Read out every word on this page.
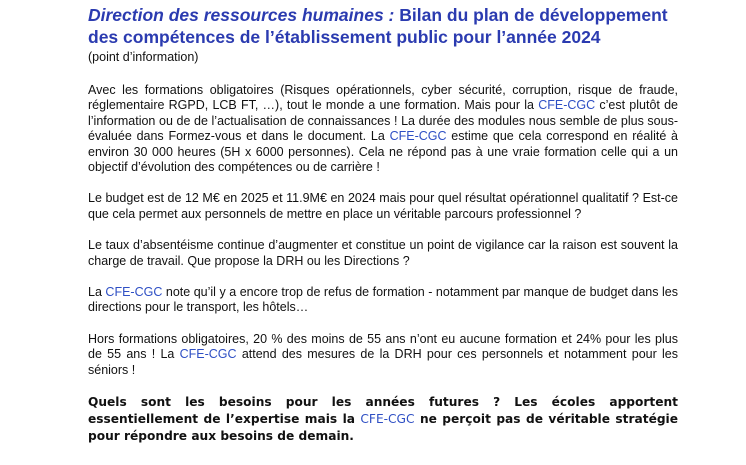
Direction des ressources humaines : Bilan du plan de développement des compétences de l’établissement public pour l’année 2024

(point d’information)

Avec les formations obligatoires (Risques opérationnels, cyber sécurité, corruption, risque de fraude, réglementaire RGPD, LCB FT, …), tout le monde a une formation. Mais pour la CFE-CGC c’est plutôt de l’information ou de de l’actualisation de connaissances ! La durée des modules nous semble de plus sous-évaluée dans Formez-vous et dans le document. La CFE-CGC estime que cela correspond en réalité à environ 30 000 heures (5H x 6000 personnes). Cela ne répond pas à une vraie formation celle qui a un objectif d’évolution des compétences ou de carrière !

Le budget est de 12 M€ en 2025 et 11.9M€ en 2024 mais pour quel résultat opérationnel qualitatif ? Est-ce que cela permet aux personnels de mettre en place un véritable parcours professionnel ?

Le taux d’absentéisme continue d’augmenter et constitue un point de vigilance car la raison est souvent la charge de travail. Que propose la DRH ou les Directions ?

La CFE-CGC note qu’il y a encore trop de refus de formation - notamment par manque de budget dans les directions pour le transport, les hôtels…

Hors formations obligatoires, 20 % des moins de 55 ans n’ont eu aucune formation et 24% pour les plus de 55 ans ! La CFE-CGC attend des mesures de la DRH pour ces personnels et notamment pour les séniors !

Quels sont les besoins pour les années futures ? Les écoles apportent essentiellement de l’expertise mais la CFE-CGC ne perçoit pas de véritable stratégie pour répondre aux besoins de demain.
